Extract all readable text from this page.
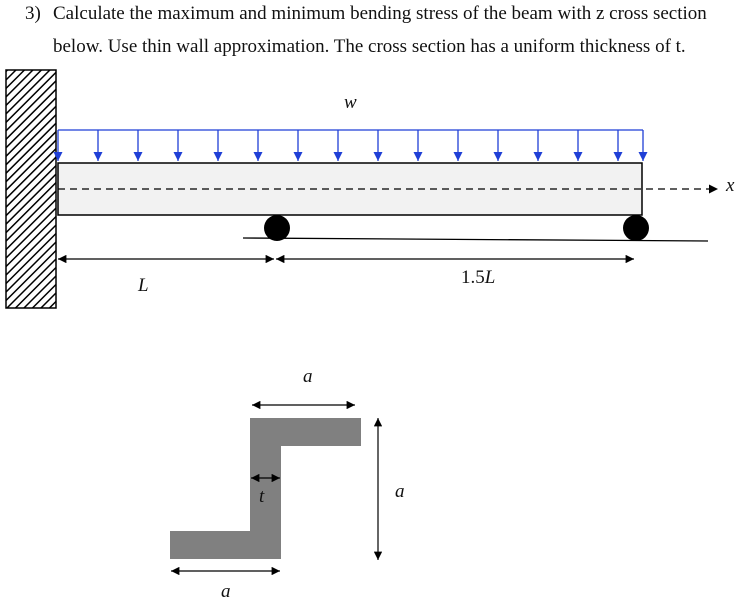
3) Calculate the maximum and minimum bending stress of the beam with z cross section
below. Use thin wall approximation. The cross section has a uniform thickness of t.
w
x
L	1.5L
a
a
t
a
